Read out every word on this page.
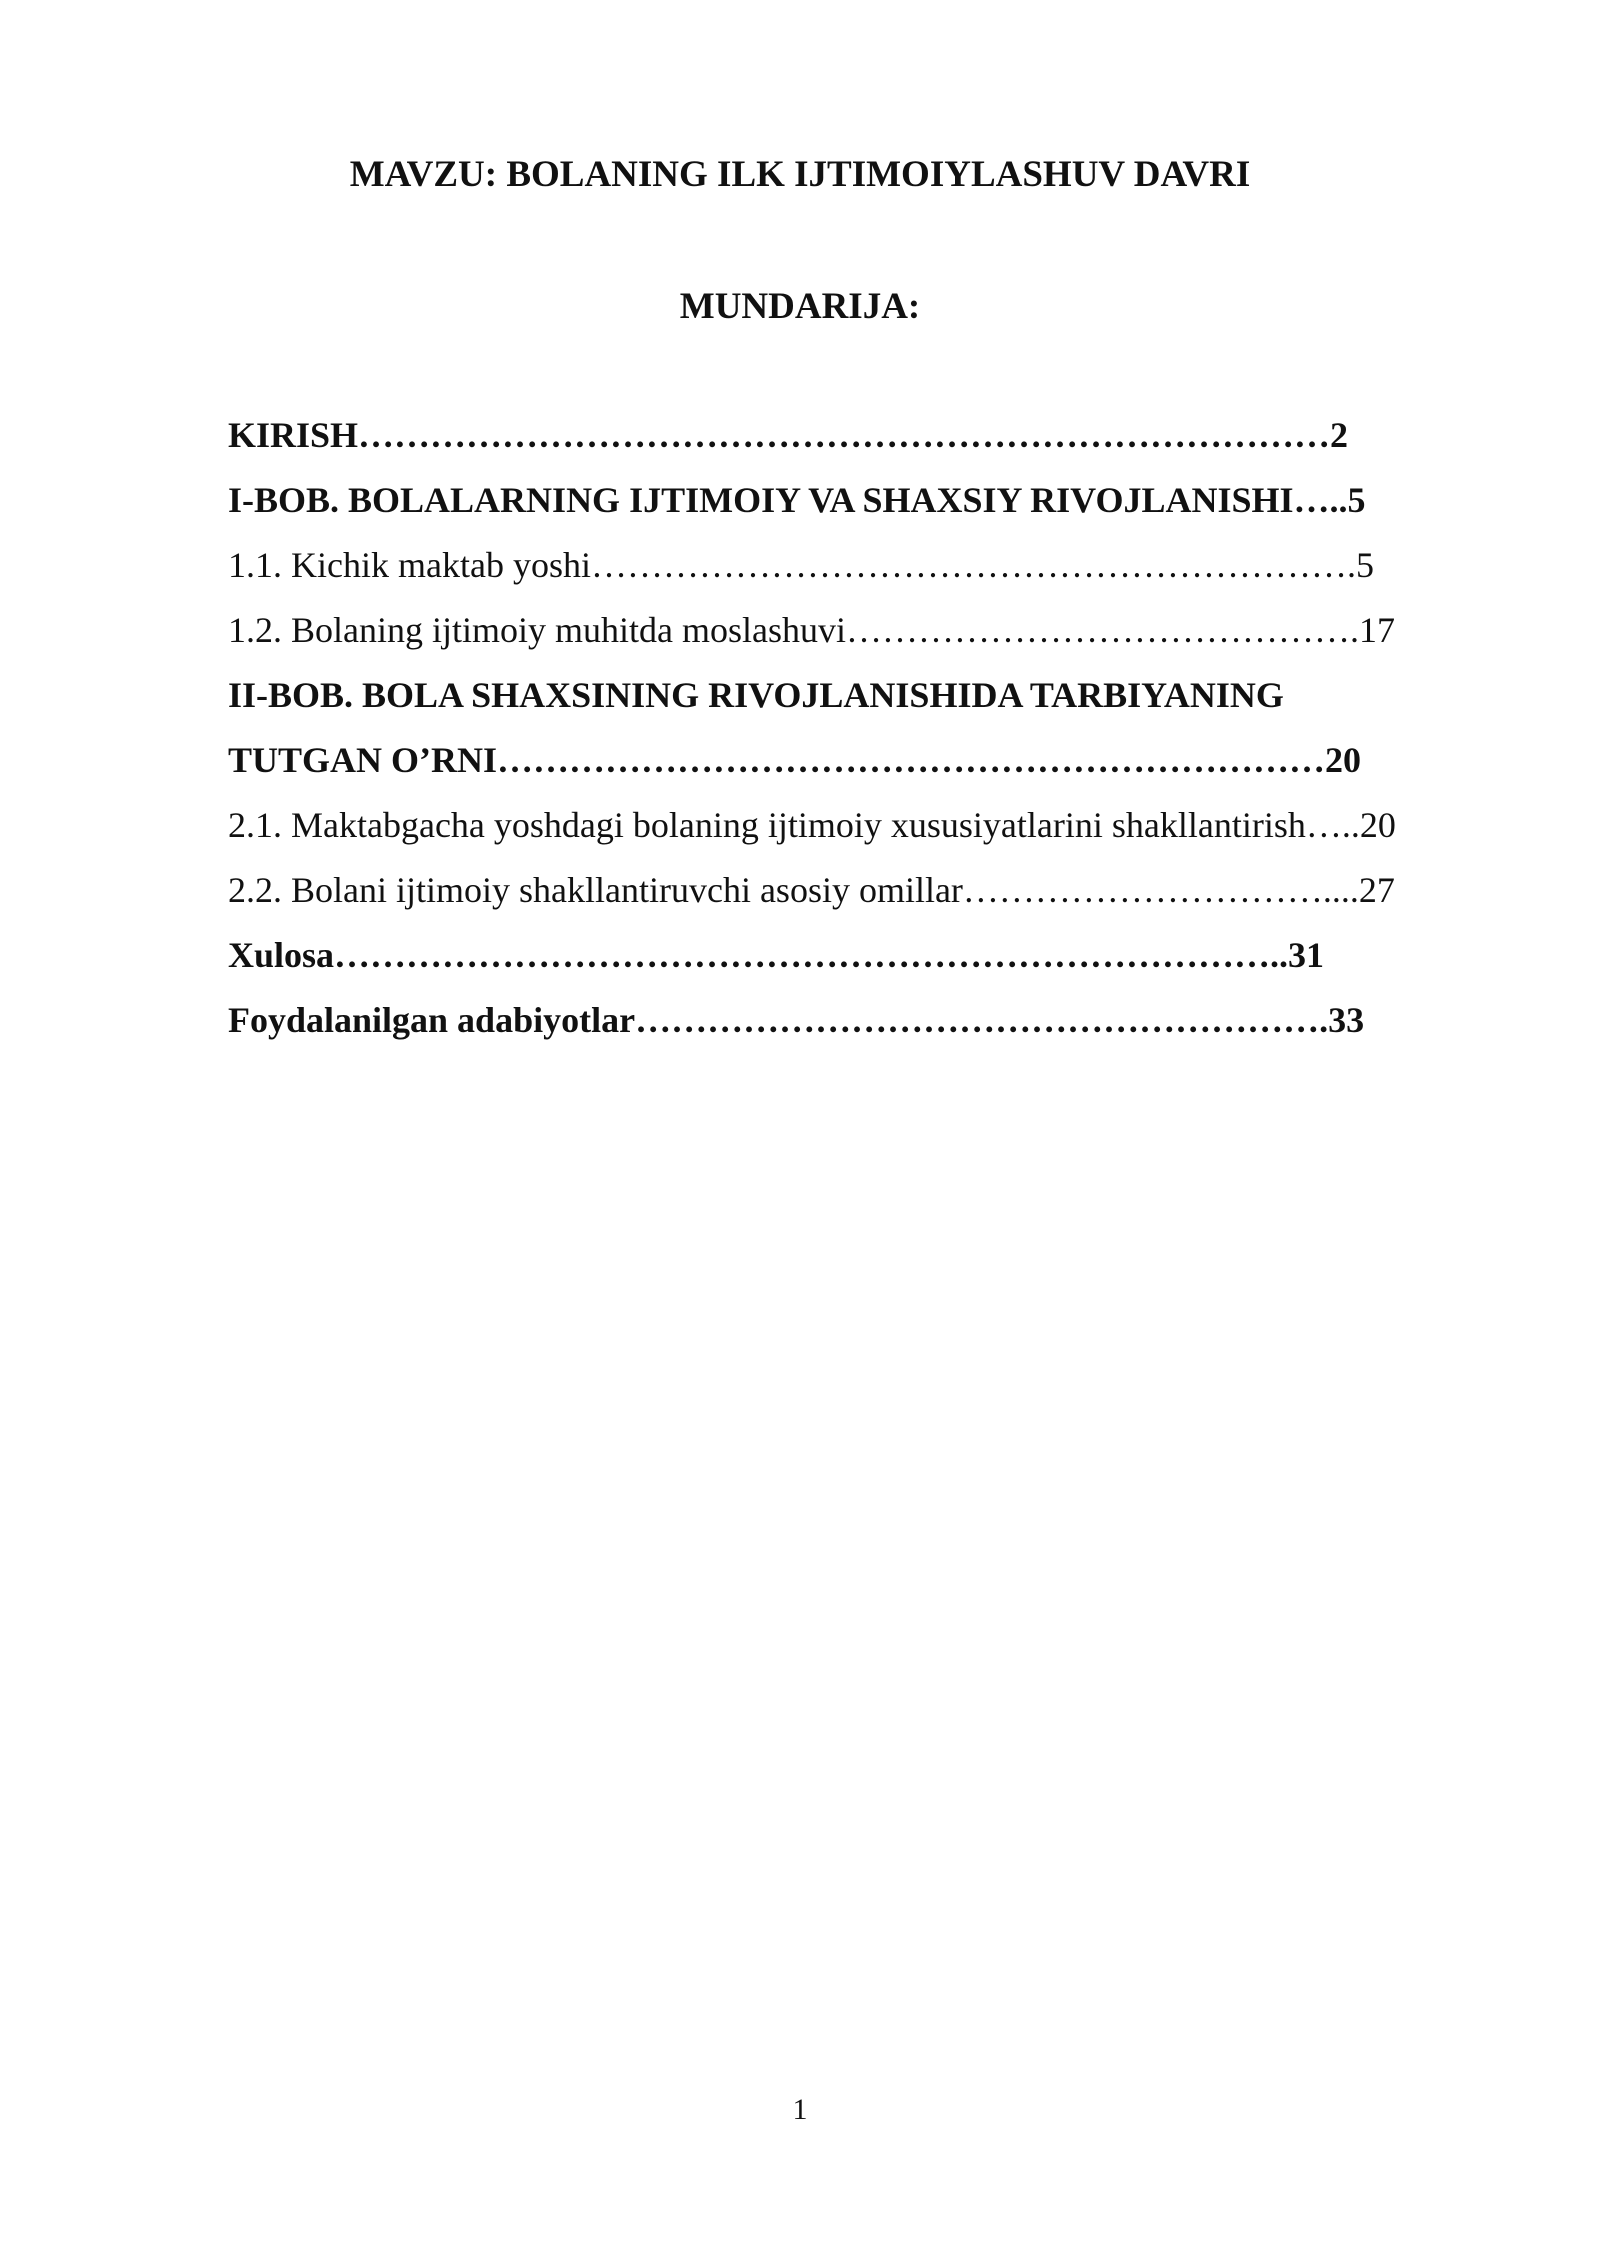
MAVZU: BOLANING ILK IJTIMOIYLASHUV DAVRI
MUNDARIJA:
KIRISH………………………………………………………………………2
I-BOB. BOLALARNING IJTIMOIY VA SHAXSIY RIVOJLANISHI…..5
1.1. Kichik maktab yoshi……………………………………………………….5
1.2. Bolaning ijtimoiy muhitda moslashuvi…………………………………….17
II-BOB. BOLA SHAXSINING RIVOJLANISHIDA TARBIYANING
TUTGAN O’RNI……………………………………………………………20
2.1. Maktabgacha yoshdagi bolaning ijtimoiy xususiyatlarini shakllantirish…..20
2.2. Bolani ijtimoiy shakllantiruvchi asosiy omillar…………………………....27
Xulosa……………………………………………………………………..31
Foydalanilgan adabiyotlar………………………………………………….33
1
